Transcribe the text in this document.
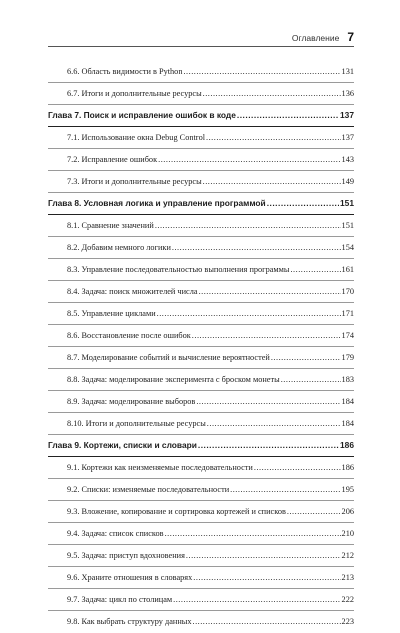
Оглавление 7
6.6. Область видимости в Python .....	131
6.7. Итоги и дополнительные ресурсы .....	136
Глава 7. Поиск и исправление ошибок в коде .....	137
7.1. Использование окна Debug Control .....	137
7.2. Исправление ошибок .....	143
7.3. Итоги и дополнительные ресурсы .....	149
Глава 8. Условная логика и управление программой .....	151
8.1. Сравнение значений .....	151
8.2. Добавим немного логики .....	154
8.3. Управление последовательностью выполнения программы .....	161
8.4. Задача: поиск множителей числа .....	170
8.5. Управление циклами .....	171
8.6. Восстановление после ошибок .....	174
8.7. Моделирование событий и вычисление вероятностей .....	179
8.8. Задача: моделирование эксперимента с броском монеты .....	183
8.9. Задача: моделирование выборов .....	184
8.10. Итоги и дополнительные ресурсы .....	184
Глава 9. Кортежи, списки и словари .....	186
9.1. Кортежи как неизменяемые последовательности .....	186
9.2. Списки: изменяемые последовательности .....	195
9.3. Вложение, копирование и сортировка кортежей и списков .....	206
9.4. Задача: список списков .....	210
9.5. Задача: приступ вдохновения .....	212
9.6. Храните отношения в словарях .....	213
9.7. Задача: цикл по столицам .....	222
9.8. Как выбрать структуру данных .....	223
